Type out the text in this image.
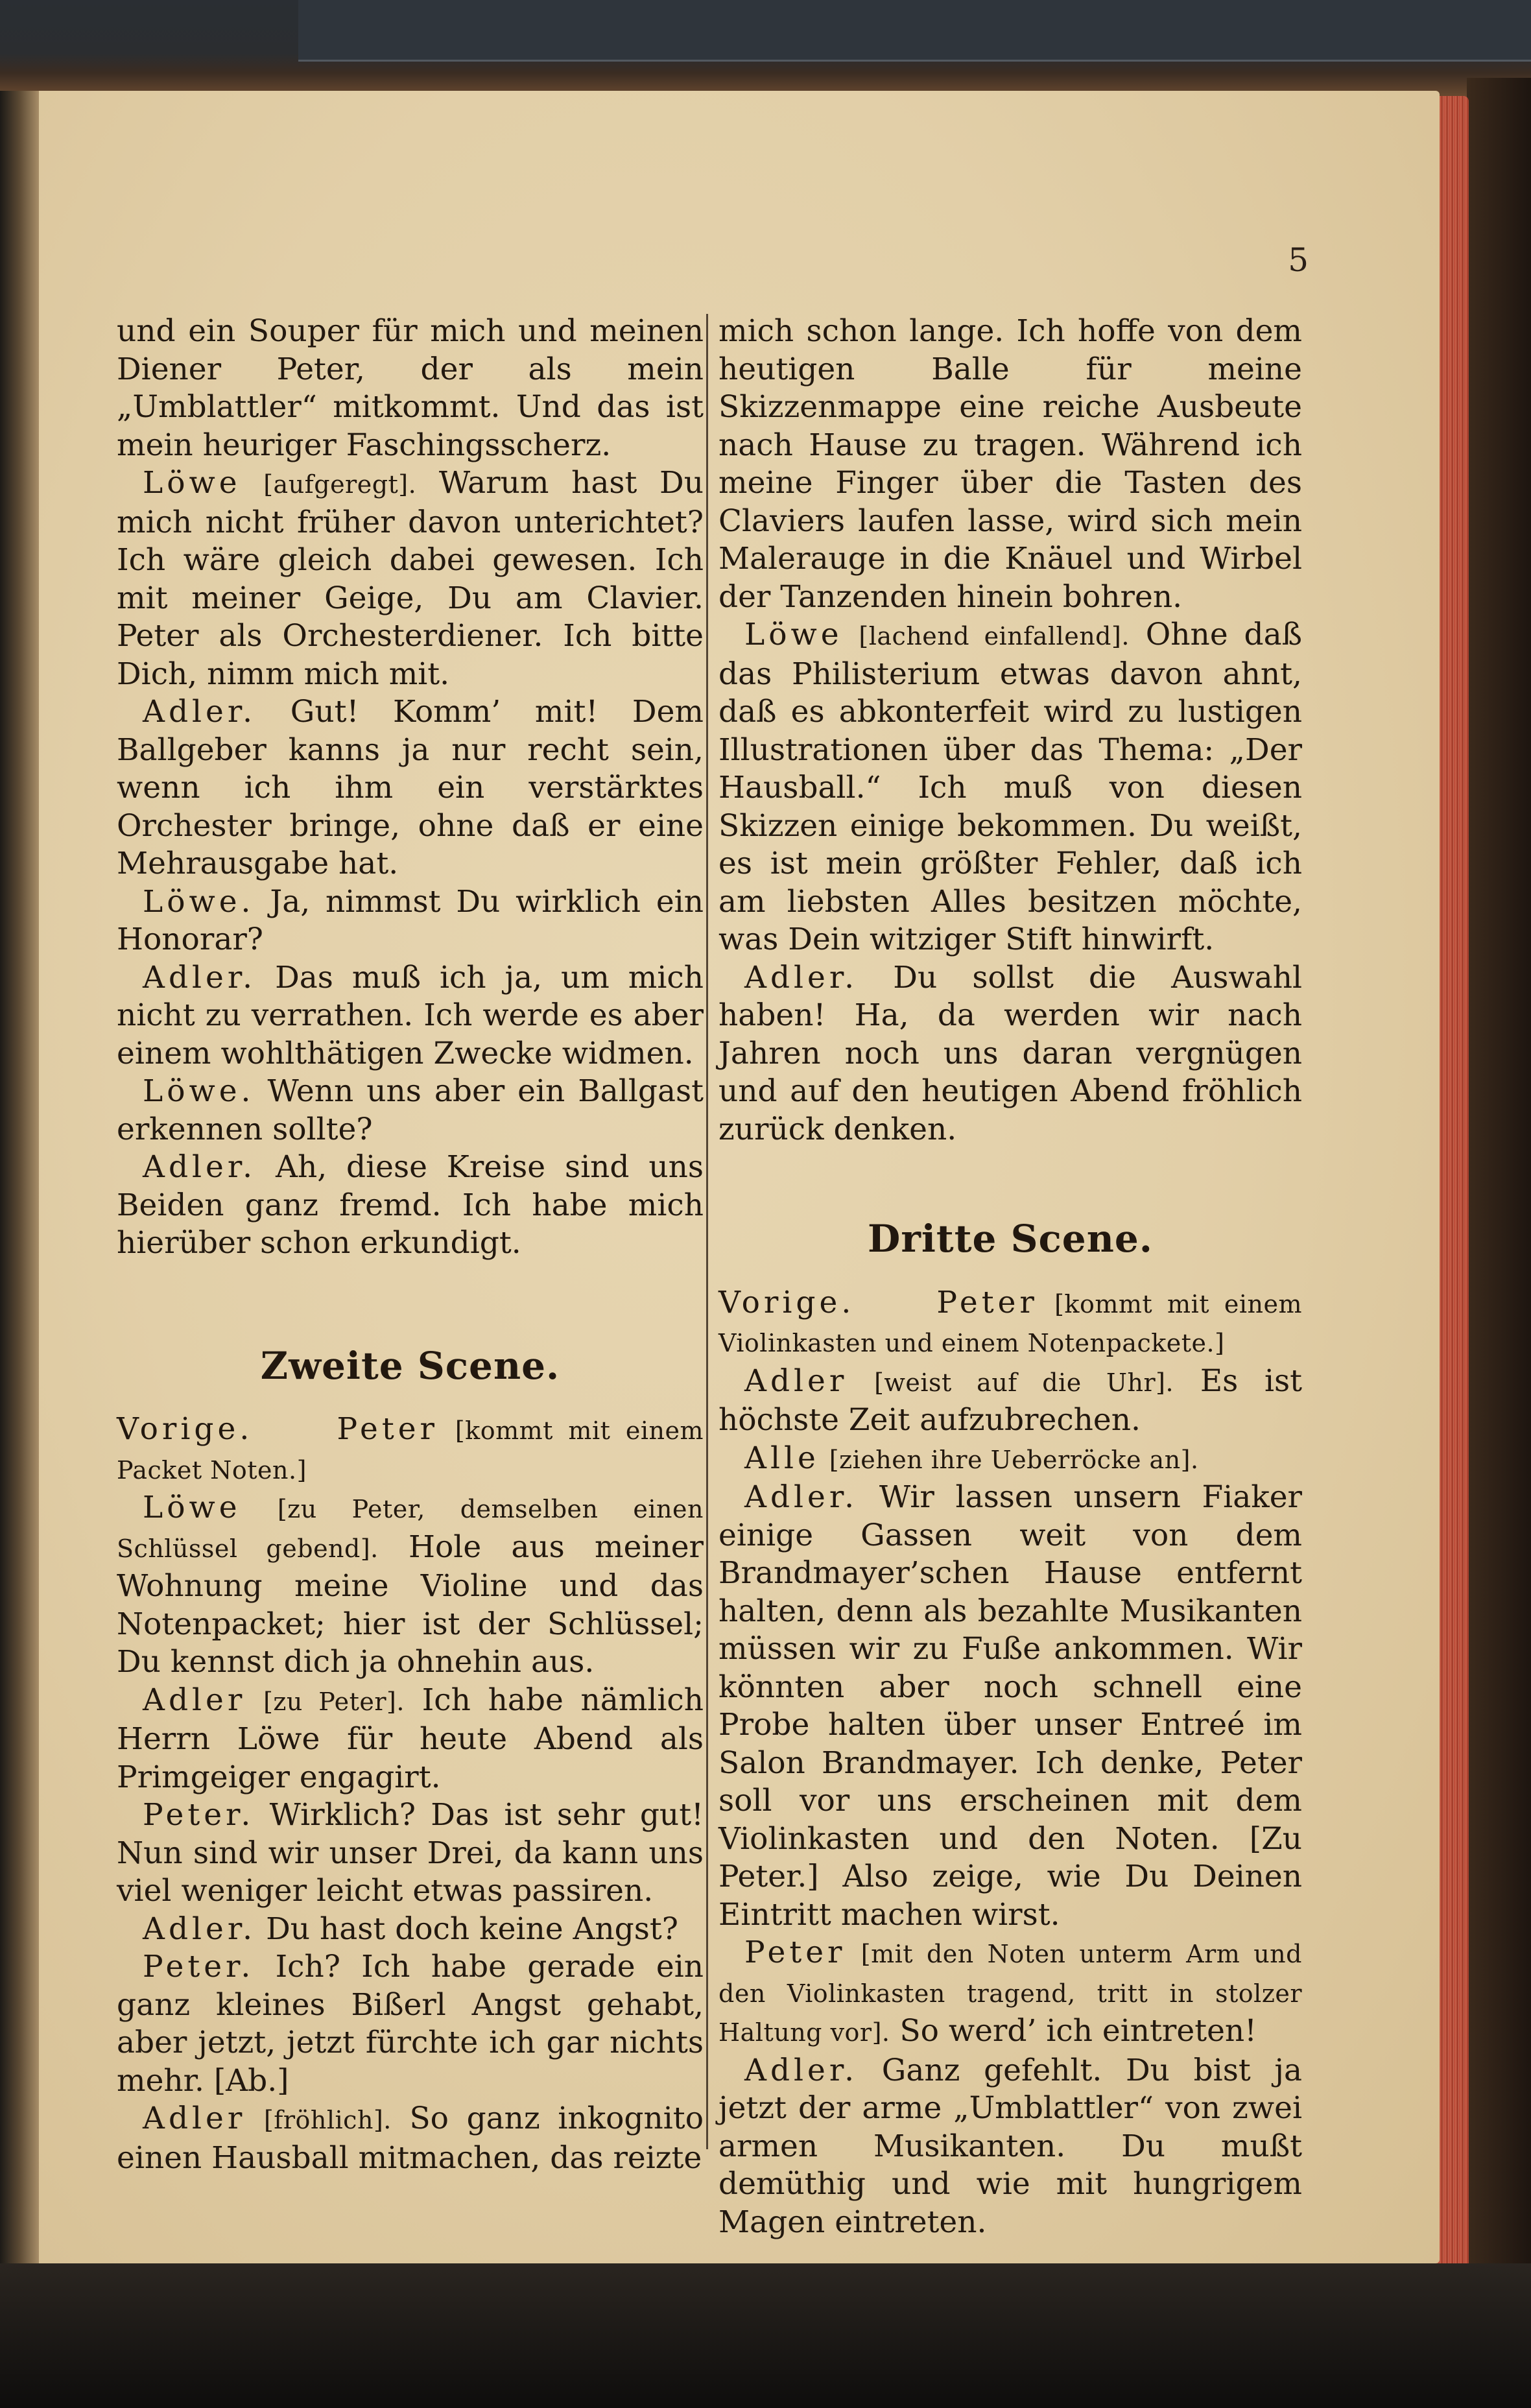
5

und ein Souper für mich und meinen Diener Peter, der als mein „Umblattler“ mitkommt. Und das ist mein heuriger Faschingsscherz.

Löwe [aufgeregt]. Warum hast Du mich nicht früher davon unterichtet? Ich wäre gleich dabei gewesen. Ich mit meiner Geige, Du am Clavier. Peter als Orchesterdiener. Ich bitte Dich, nimm mich mit.

Adler. Gut! Komm’ mit! Dem Ballgeber kanns ja nur recht sein, wenn ich ihm ein verstärktes Orchester bringe, ohne daß er eine Mehrausgabe hat.

Löwe. Ja, nimmst Du wirklich ein Honorar?

Adler. Das muß ich ja, um mich nicht zu verrathen. Ich werde es aber einem wohlthätigen Zwecke widmen.

Löwe. Wenn uns aber ein Ballgast erkennen sollte?

Adler. Ah, diese Kreise sind uns Beiden ganz fremd. Ich habe mich hierüber schon erkundigt.

Zweite Scene.

Vorige.	Peter [kommt mit einem Packet Noten.]

Löwe [zu Peter, demselben einen Schlüssel gebend]. Hole aus meiner Wohnung meine Violine und das Notenpacket; hier ist der Schlüssel; Du kennst dich ja ohnehin aus.

Adler [zu Peter]. Ich habe nämlich Herrn Löwe für heute Abend als Primgeiger engagirt.

Peter. Wirklich? Das ist sehr gut! Nun sind wir unser Drei, da kann uns viel weniger leicht etwas passiren.

Adler. Du hast doch keine Angst?

Peter. Ich? Ich habe gerade ein ganz kleines Bißerl Angst gehabt, aber jetzt, jetzt fürchte ich gar nichts mehr. [Ab.]

Adler [fröhlich]. So ganz inkognito einen Hausball mitmachen, das reizte

mich schon lange. Ich hoffe von dem heutigen Balle für meine Skizzenmappe eine reiche Ausbeute nach Hause zu tragen. Während ich meine Finger über die Tasten des Claviers laufen lasse, wird sich mein Malerauge in die Knäuel und Wirbel der Tanzenden hinein bohren.

Löwe [lachend einfallend]. Ohne daß das Philisterium etwas davon ahnt, daß es abkonterfeit wird zu lustigen Illustrationen über das Thema: „Der Hausball.“ Ich muß von diesen Skizzen einige bekommen. Du weißt, es ist mein größter Fehler, daß ich am liebsten Alles besitzen möchte, was Dein witziger Stift hinwirft.

Adler. Du sollst die Auswahl haben! Ha, da werden wir nach Jahren noch uns daran vergnügen und auf den heutigen Abend fröhlich zurück denken.

Dritte Scene.

Vorige.	Peter [kommt mit einem Violinkasten und einem Notenpackete.]

Adler [weist auf die Uhr]. Es ist höchste Zeit aufzubrechen.

Alle [ziehen ihre Ueberröcke an].

Adler. Wir lassen unsern Fiaker einige Gassen weit von dem Brandmayer’schen Hause entfernt halten, denn als bezahlte Musikanten müssen wir zu Fuße ankommen. Wir könnten aber noch schnell eine Probe halten über unser Entreé im Salon Brandmayer. Ich denke, Peter soll vor uns erscheinen mit dem Violinkasten und den Noten. [Zu Peter.] Also zeige, wie Du Deinen Eintritt machen wirst.

Peter [mit den Noten unterm Arm und den Violinkasten tragend, tritt in stolzer Haltung vor]. So werd’ ich eintreten!

Adler. Ganz gefehlt. Du bist ja jetzt der arme „Umblattler“ von zwei armen Musikanten. Du mußt demüthig und wie mit hungrigem Magen eintreten.
